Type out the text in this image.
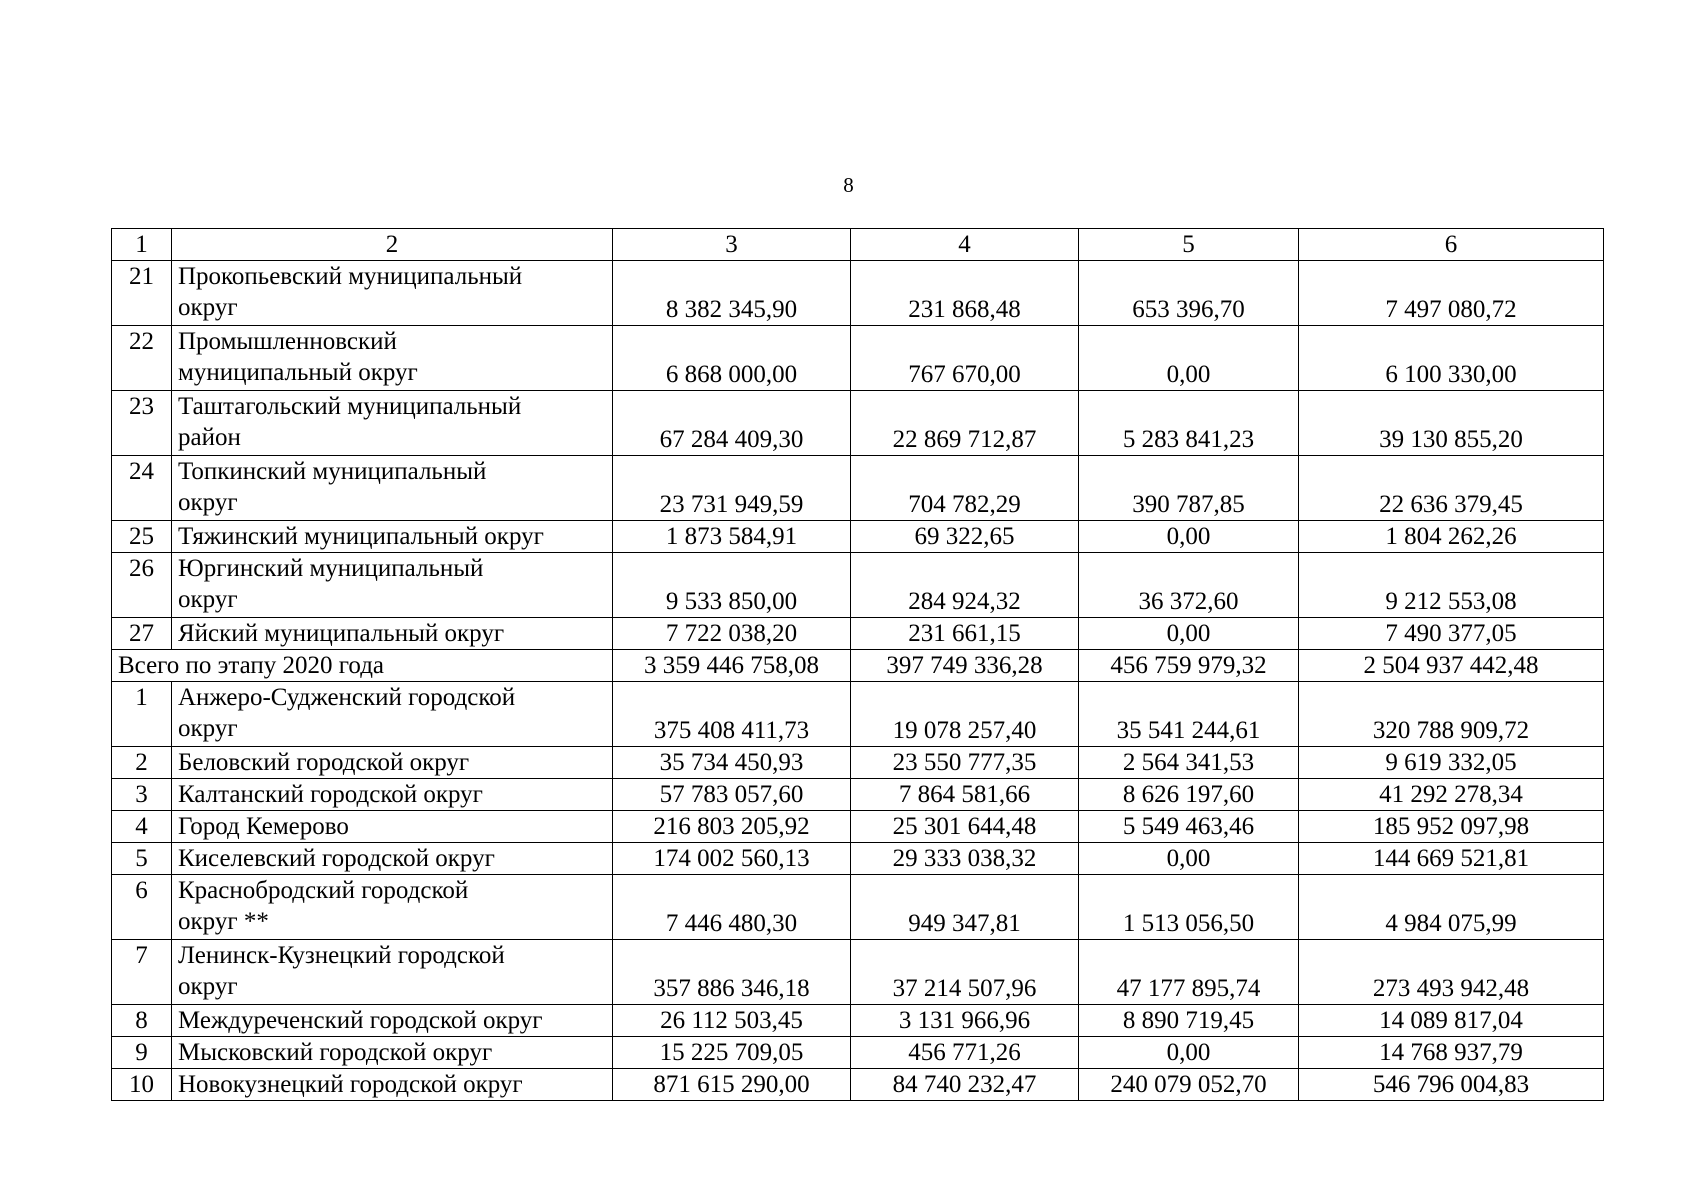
8
1	2	3	4	5	6
21	Прокопьевский муниципальный
округ	8 382 345,90	231 868,48	653 396,70	7 497 080,72
22	Промышленновский
муниципальный округ	6 868 000,00	767 670,00	0,00	6 100 330,00
23	Таштагольский муниципальный
район	67 284 409,30	22 869 712,87	5 283 841,23	39 130 855,20
24	Топкинский муниципальный
округ	23 731 949,59	704 782,29	390 787,85	22 636 379,45
25	Тяжинский муниципальный округ	1 873 584,91	69 322,65	0,00	1 804 262,26
26	Юргинский муниципальный
округ	9 533 850,00	284 924,32	36 372,60	9 212 553,08
27	Яйский муниципальный округ	7 722 038,20	231 661,15	0,00	7 490 377,05
Всего по этапу 2020 года		3 359 446 758,08	397 749 336,28	456 759 979,32	2 504 937 442,48
1	Анжеро-Судженский городской
округ	375 408 411,73	19 078 257,40	35 541 244,61	320 788 909,72
2	Беловский городской округ	35 734 450,93	23 550 777,35	2 564 341,53	9 619 332,05
3	Калтанский городской округ	57 783 057,60	7 864 581,66	8 626 197,60	41 292 278,34
4	Город Кемерово	216 803 205,92	25 301 644,48	5 549 463,46	185 952 097,98
5	Киселевский городской округ	174 002 560,13	29 333 038,32	0,00	144 669 521,81
6	Краснобродский городской
округ **	7 446 480,30	949 347,81	1 513 056,50	4 984 075,99
7	Ленинск-Кузнецкий городской
округ	357 886 346,18	37 214 507,96	47 177 895,74	273 493 942,48
8	Междуреченский городской округ	26 112 503,45	3 131 966,96	8 890 719,45	14 089 817,04
9	Мысковский городской округ	15 225 709,05	456 771,26	0,00	14 768 937,79
10	Новокузнецкий городской округ	871 615 290,00	84 740 232,47	240 079 052,70	546 796 004,83
